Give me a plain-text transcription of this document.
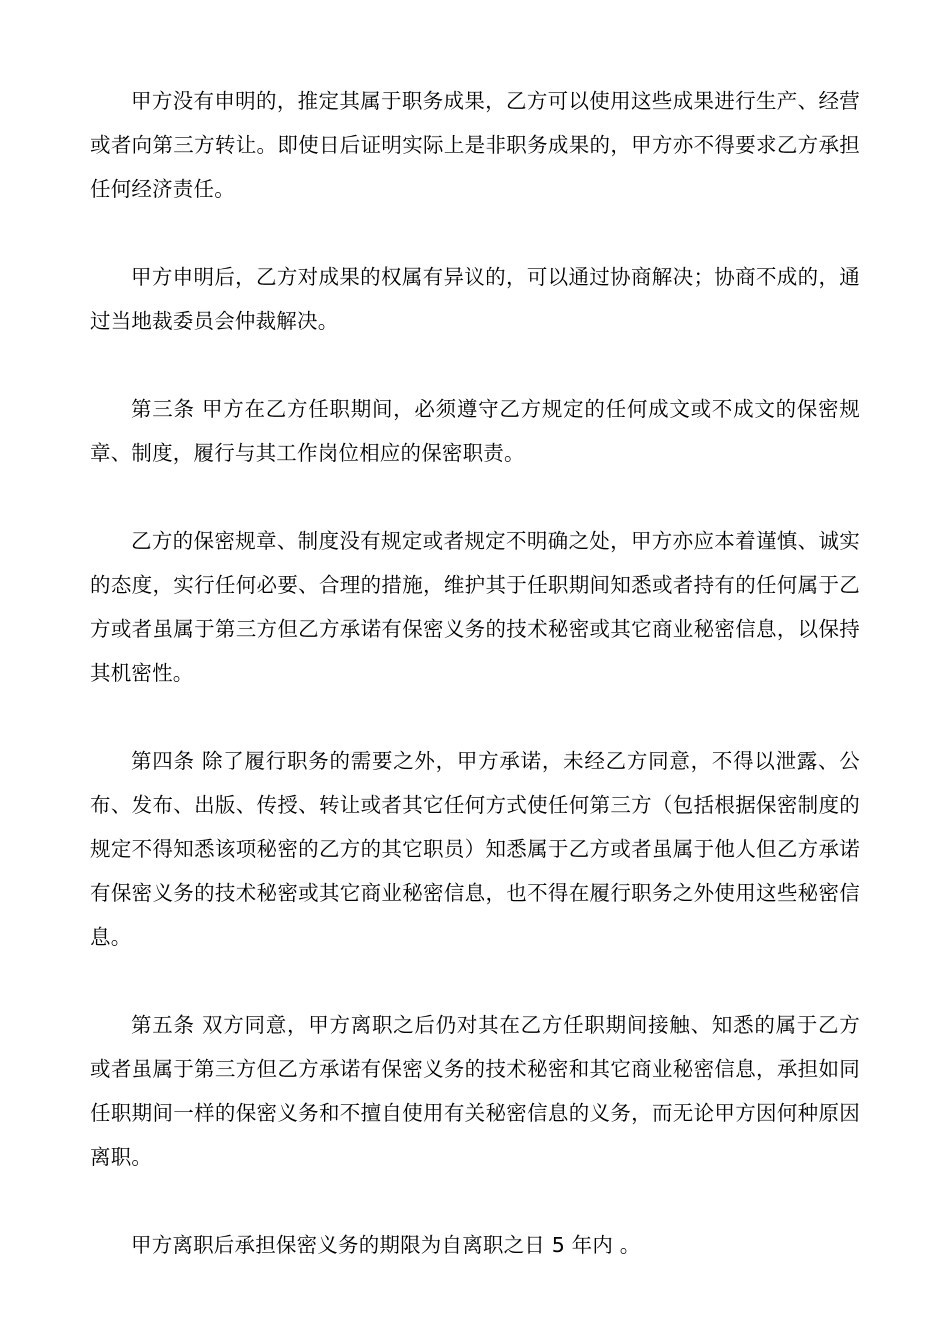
甲方没有申明的，推定其属于职务成果，乙方可以使用这些成果进行生产、经营或者向第三方转让。即使日后证明实际上是非职务成果的，甲方亦不得要求乙方承担任何经济责任。

甲方申明后，乙方对成果的权属有异议的，可以通过协商解决；协商不成的，通过当地裁委员会仲裁解决。

第三条 甲方在乙方任职期间，必须遵守乙方规定的任何成文或不成文的保密规章、制度，履行与其工作岗位相应的保密职责。

乙方的保密规章、制度没有规定或者规定不明确之处，甲方亦应本着谨慎、诚实的态度，实行任何必要、合理的措施，维护其于任职期间知悉或者持有的任何属于乙方或者虽属于第三方但乙方承诺有保密义务的技术秘密或其它商业秘密信息，以保持其机密性。

第四条 除了履行职务的需要之外，甲方承诺，未经乙方同意，不得以泄露、公布、发布、出版、传授、转让或者其它任何方式使任何第三方（包括根据保密制度的规定不得知悉该项秘密的乙方的其它职员）知悉属于乙方或者虽属于他人但乙方承诺有保密义务的技术秘密或其它商业秘密信息，也不得在履行职务之外使用这些秘密信息。

第五条 双方同意，甲方离职之后仍对其在乙方任职期间接触、知悉的属于乙方或者虽属于第三方但乙方承诺有保密义务的技术秘密和其它商业秘密信息，承担如同任职期间一样的保密义务和不擅自使用有关秘密信息的义务，而无论甲方因何种原因离职。

甲方离职后承担保密义务的期限为自离职之日 5 年内 。
